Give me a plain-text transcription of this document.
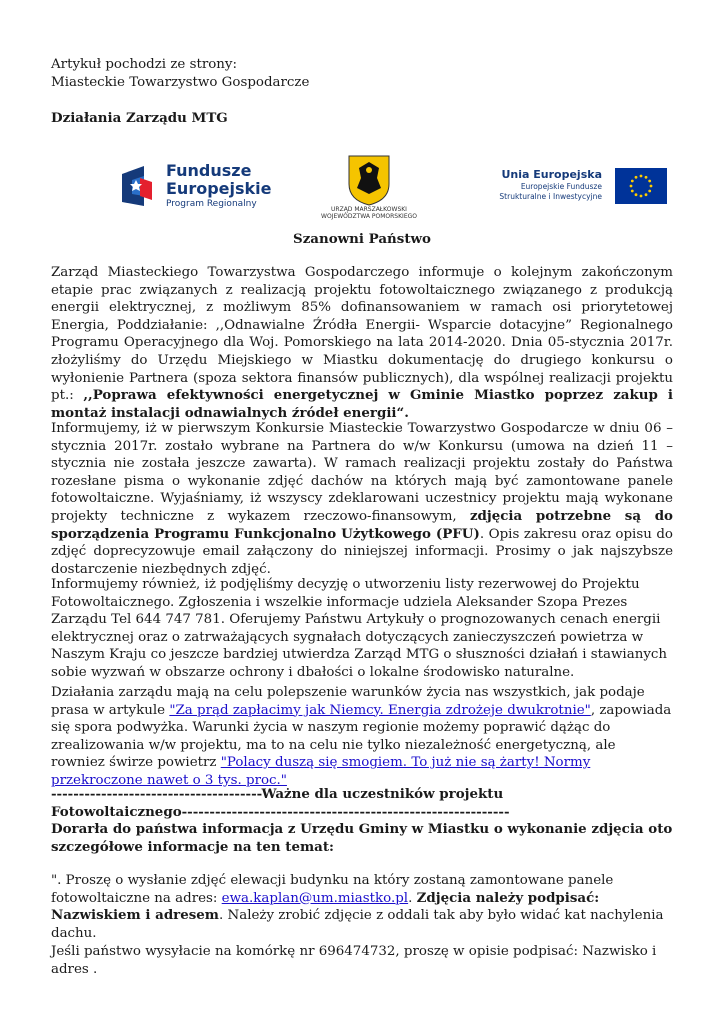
Artykuł pochodzi ze strony:
Miasteckie Towarzystwo Gospodarcze
Działania Zarządu MTG
Fundusze
Europejskie
Program Regionalny
URZĄD MARSZAŁKOWSKI
WOJEWÓDZTWA POMORSKIEGO
Unia Europejska
Europejskie Fundusze
Strukturalne i Inwestycyjne
Szanowni Państwo

Zarząd Miasteckiego Towarzystwa Gospodarczego informuje o kolejnym zakończonym etapie prac związanych z realizacją projektu fotowoltaicznego związanego z produkcją energii elektrycznej, z możliwym 85% dofinansowaniem w ramach osi priorytetowej Energia, Poddziałanie: ,,Odnawialne Źródła Energii- Wsparcie dotacyjne” Regionalnego Programu Operacyjnego dla Woj. Pomorskiego na lata 2014-2020. Dnia 05-stycznia 2017r. złożyliśmy do Urzędu Miejskiego w Miastku dokumentację do drugiego konkursu o wyłonienie Partnera (spoza sektora finansów publicznych), dla wspólnej realizacji projektu pt.: ,,Poprawa efektywności energetycznej w Gminie Miastko poprzez zakup i montaż instalacji odnawialnych źródeł energii“.

Informujemy, iż w pierwszym Konkursie Miasteckie Towarzystwo Gospodarcze w dniu 06 – stycznia 2017r. zostało wybrane na Partnera do w/w Konkursu (umowa na dzień 11 – stycznia nie została jeszcze zawarta). W ramach realizacji projektu zostały do Państwa rozesłane pisma o wykonanie zdjęć dachów na których mają być zamontowane panele fotowoltaiczne. Wyjaśniamy, iż wszyscy zdeklarowani uczestnicy projektu mają wykonane projekty techniczne z wykazem rzeczowo-finansowym, zdjęcia potrzebne są do sporządzenia Programu Funkcjonalno Użytkowego (PFU). Opis zakresu oraz opisu do zdjęć doprecyzowuje email załączony do niniejszej informacji. Prosimy o jak najszybsze dostarczenie niezbędnych zdjęć.

Informujemy również, iż podjęliśmy decyzję o utworzeniu listy rezerwowej do Projektu Fotowoltaicznego. Zgłoszenia i wszelkie informacje udziela Aleksander Szopa Prezes Zarządu Tel 644 747 781. Oferujemy Państwu Artykuły o prognozowanych cenach energii elektrycznej oraz o zatrważających sygnałach dotyczących zanieczyszczeń powietrza w Naszym Kraju co jeszcze bardziej utwierdza Zarząd MTG o słuszności działań i stawianych sobie wyzwań w obszarze ochrony i dbałości o lokalne środowisko naturalne.

Działania zarządu mają na celu polepszenie warunków życia nas wszystkich, jak podaje prasa w artykule "Za prąd zapłacimy jak Niemcy. Energia zdrożeje dwukrotnie", zapowiada się spora podwyżka. Warunki życia w naszym regionie możemy poprawić dążąc do zrealizowania w/w projektu, ma to na celu nie tylko niezależność energetyczną, ale rowniez świrze powietrz "Polacy duszą się smogiem. To już nie są żarty! Normy przekroczone nawet o 3 tys. proc."

--------------------------------------Ważne dla uczestników projektu
Fotowoltaicznego-----------------------------------------------------------
Dorarła do państwa informacja z Urzędu Gminy w Miastku o wykonanie zdjęcia oto
szczegółowe informacje na ten temat:

". Proszę o wysłanie zdjęć elewacji budynku na który zostaną zamontowane panele fotowoltaiczne na adres: ewa.kaplan@um.miastko.pl. Zdjęcia należy podpisać: Nazwiskiem i adresem. Należy zrobić zdjęcie z oddali tak aby było widać kat nachylenia dachu.

Jeśli państwo wysyłacie na komórkę nr 696474732, proszę w opisie podpisać: Nazwisko i adres .
